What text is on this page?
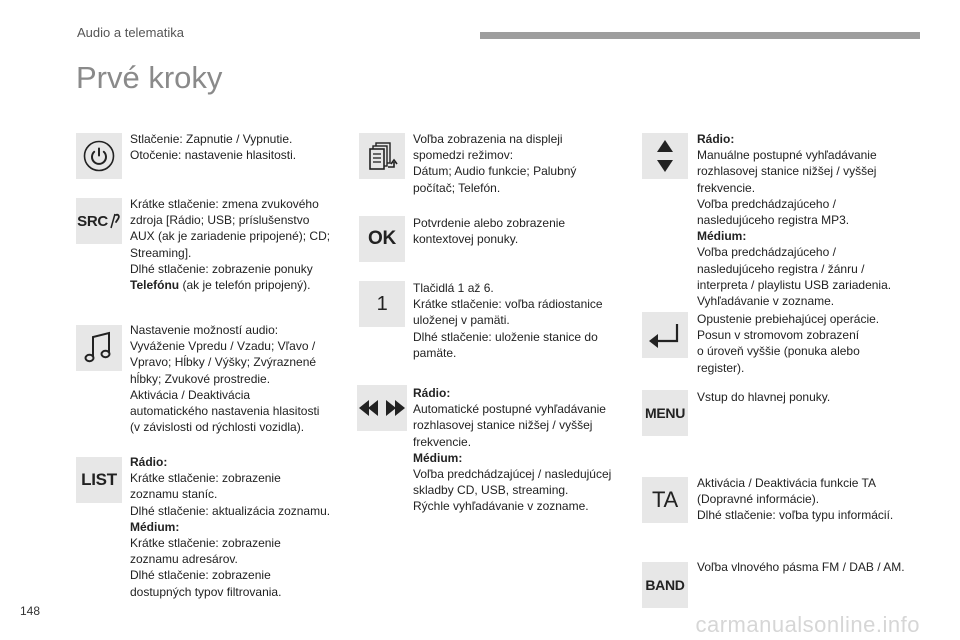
Audio a telematika
Prvé kroky
Stlačenie: Zapnutie / Vypnutie.
Otočenie: nastavenie hlasitosti.
SRC
Krátke stlačenie: zmena zvukového
zdroja [Rádio; USB; príslušenstvo
AUX (ak je zariadenie pripojené); CD;
Streaming].
Dlhé stlačenie: zobrazenie ponuky
Telefónu (ak je telefón pripojený).
Nastavenie možností audio:
Vyváženie Vpredu / Vzadu; Vľavo /
Vpravo; Hĺbky / Výšky; Zvýraznené
hĺbky; Zvukové prostredie.
Aktivácia / Deaktivácia
automatického nastavenia hlasitosti
(v závislosti od rýchlosti vozidla).
LIST
Rádio:
Krátke stlačenie: zobrazenie
zoznamu staníc.
Dlhé stlačenie: aktualizácia zoznamu.
Médium:
Krátke stlačenie: zobrazenie
zoznamu adresárov.
Dlhé stlačenie: zobrazenie
dostupných typov filtrovania.
Voľba zobrazenia na displeji
spomedzi režimov:
Dátum; Audio funkcie; Palubný
počítač; Telefón.
OK
Potvrdenie alebo zobrazenie
kontextovej ponuky.
1
Tlačidlá 1 až 6.
Krátke stlačenie: voľba rádiostanice
uloženej v pamäti.
Dlhé stlačenie: uloženie stanice do
pamäte.
Rádio:
Automatické postupné vyhľadávanie
rozhlasovej stanice nižšej / vyššej
frekvencie.
Médium:
Voľba predchádzajúcej / nasledujúcej
skladby CD, USB, streaming.
Rýchle vyhľadávanie v zozname.
Rádio:
Manuálne postupné vyhľadávanie
rozhlasovej stanice nižšej / vyššej
frekvencie.
Voľba predchádzajúceho /
nasledujúceho registra MP3.
Médium:
Voľba predchádzajúceho /
nasledujúceho registra / žánru /
interpreta / playlistu USB zariadenia.
Vyhľadávanie v zozname.
Opustenie prebiehajúcej operácie.
Posun v stromovom zobrazení
o úroveň vyššie (ponuka alebo
register).
MENU
Vstup do hlavnej ponuky.
TA
Aktivácia / Deaktivácia funkcie TA
(Dopravné informácie).
Dlhé stlačenie: voľba typu informácií.
BAND
Voľba vlnového pásma FM / DAB / AM.
148
carmanualsonline.info
